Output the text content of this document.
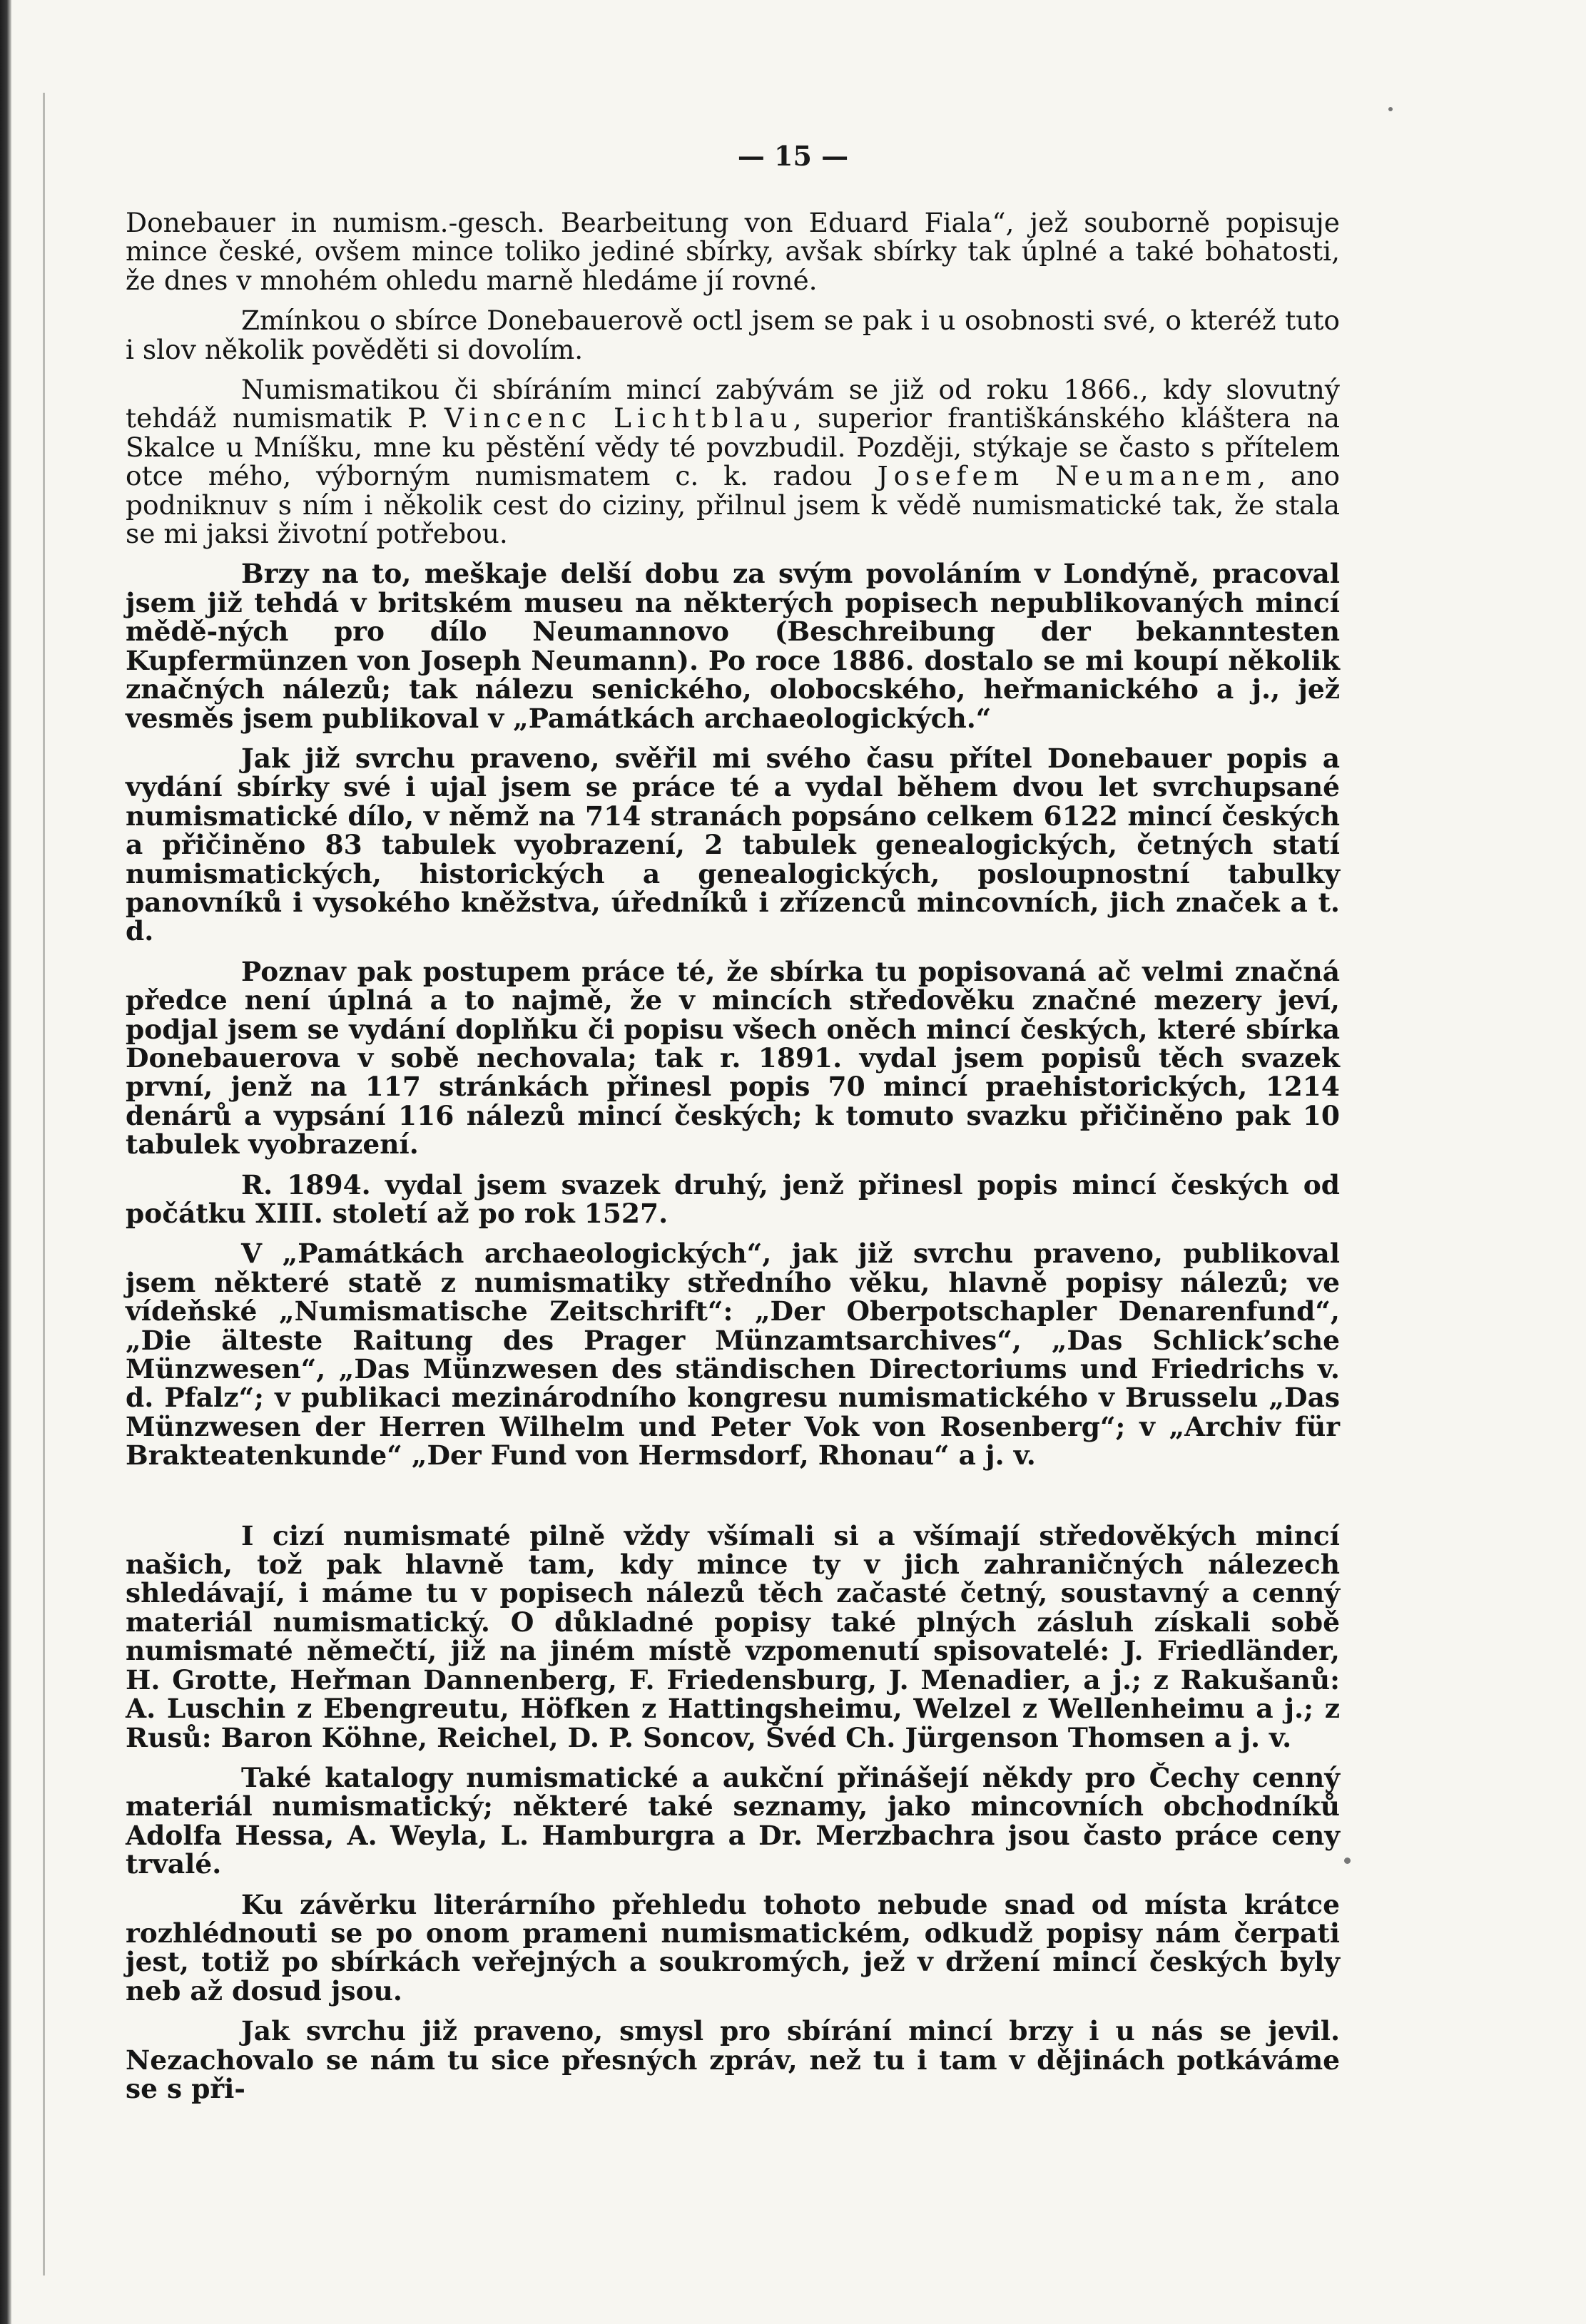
— 15 —

Donebauer in numism.-gesch. Bearbeitung von Eduard Fiala“, jež souborně popisuje mince české, ovšem mince toliko jediné sbírky, avšak sbírky tak úplné a také bohatosti, že dnes v mnohém ohledu marně hledáme jí rovné.

Zmínkou o sbírce Donebauerově octl jsem se pak i u osobnosti své, o kteréž tuto i slov několik pověděti si dovolím.

Numismatikou či sbíráním mincí zabývám se již od roku 1866., kdy slovutný tehdáž numismatik P. Vincenc Lichtblau, superior františkánského kláštera na Skalce u Mníšku, mne ku pěstění vědy té povzbudil. Později, stýkaje se často s přítelem otce mého, výborným numismatem c. k. radou Josefem Neumanem, ano podniknuv s ním i několik cest do ciziny, přilnul jsem k vědě numismatické tak, že stala se mi jaksi životní potřebou.

Brzy na to, meškaje delší dobu za svým povoláním v Londýně, pracoval jsem již tehdá v britském museu na některých popisech nepublikovaných mincí mědě-ných pro dílo Neumannovo (Beschreibung der bekanntesten Kupfermünzen von Joseph Neumann). Po roce 1886. dostalo se mi koupí několik značných nálezů; tak nálezu senického, olobocského, heřmanického a j., jež vesměs jsem publikoval v „Památkách archaeologických.“

Jak již svrchu praveno, svěřil mi svého času přítel Donebauer popis a vydání sbírky své i ujal jsem se práce té a vydal během dvou let svrchupsané numismatické dílo, v němž na 714 stranách popsáno celkem 6122 mincí českých a přičiněno 83 tabulek vyobrazení, 2 tabulek genealogických, četných statí numismatických, historických a genealogických, posloupnostní tabulky panovníků i vysokého kněžstva, úředníků i zřízenců mincovních, jich značek a t. d.

Poznav pak postupem práce té, že sbírka tu popisovaná ač velmi značná předce není úplná a to najmě, že v mincích středověku značné mezery jeví, podjal jsem se vydání doplňku či popisu všech oněch mincí českých, které sbírka Donebauerova v sobě nechovala; tak r. 1891. vydal jsem popisů těch svazek první, jenž na 117 stránkách přinesl popis 70 mincí praehistorických, 1214 denárů a vypsání 116 nálezů mincí českých; k tomuto svazku přičiněno pak 10 tabulek vyobrazení.

R. 1894. vydal jsem svazek druhý, jenž přinesl popis mincí českých od počátku XIII. století až po rok 1527.

V „Památkách archaeologických“, jak již svrchu praveno, publikoval jsem některé statě z numismatiky středního věku, hlavně popisy nálezů; ve vídeňské „Numismatische Zeitschrift“: „Der Oberpotschapler Denarenfund“, „Die älteste Raitung des Prager Münzamtsarchives“, „Das Schlick’sche Münzwesen“, „Das Münzwesen des ständischen Directoriums und Friedrichs v. d. Pfalz“; v publikaci mezinárodního kongresu numismatického v Brusselu „Das Münzwesen der Herren Wilhelm und Peter Vok von Rosenberg“; v „Archiv für Brakteatenkunde“ „Der Fund von Hermsdorf, Rhonau“ a j. v.

I cizí numismaté pilně vždy všímali si a všímají středověkých mincí našich, tož pak hlavně tam, kdy mince ty v jich zahraničných nálezech shledávají, i máme tu v popisech nálezů těch začasté četný, soustavný a cenný materiál numismatický. O důkladné popisy také plných zásluh získali sobě numismaté němečtí, již na jiném místě vzpomenutí spisovatelé: J. Friedländer, H. Grotte, Heřman Dannenberg, F. Friedensburg, J. Menadier, a j.; z Rakušanů: A. Luschin z Ebengreutu, Höfken z Hattingsheimu, Welzel z Wellenheimu a j.; z Rusů: Baron Köhne, Reichel, D. P. Soncov, Švéd Ch. Jürgenson Thomsen a j. v.

Také katalogy numismatické a aukční přinášejí někdy pro Čechy cenný materiál numismatický; některé také seznamy, jako mincovních obchodníků Adolfa Hessa, A. Weyla, L. Hamburgra a Dr. Merzbachra jsou často práce ceny trvalé.

Ku závěrku literárního přehledu tohoto nebude snad od místa krátce rozhlédnouti se po onom prameni numismatickém, odkudž popisy nám čerpati jest, totiž po sbírkách veřejných a soukromých, jež v držení mincí českých byly neb až dosud jsou.

Jak svrchu již praveno, smysl pro sbírání mincí brzy i u nás se jevil. Nezachovalo se nám tu sice přesných zpráv, než tu i tam v dějinách potkáváme se s při-
